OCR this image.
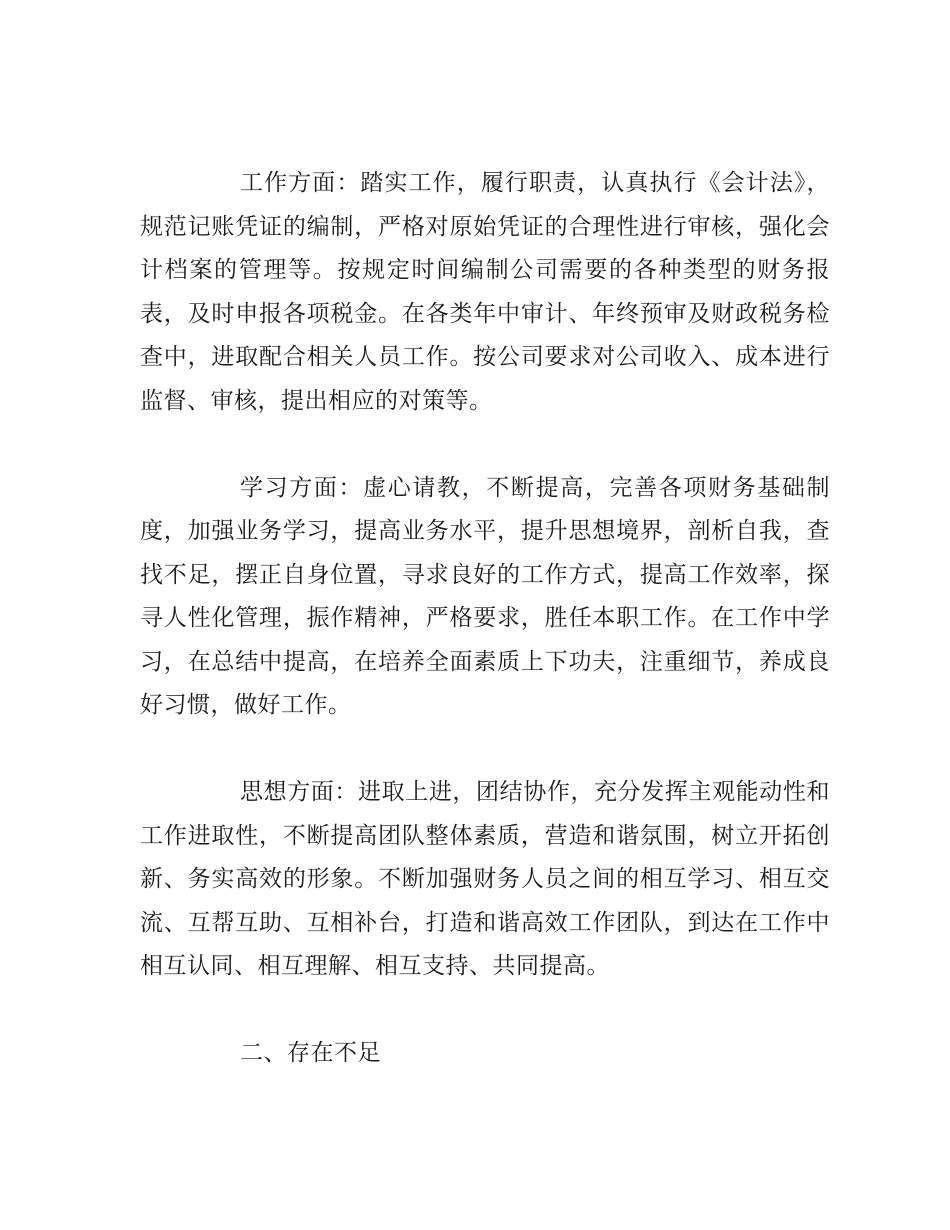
工作方面：踏实工作，履行职责，认真执行《会计法》，规范记账凭证的编制，严格对原始凭证的合理性进行审核，强化会计档案的管理等。按规定时间编制公司需要的各种类型的财务报表，及时申报各项税金。在各类年中审计、年终预审及财政税务检查中，进取配合相关人员工作。按公司要求对公司收入、成本进行监督、审核，提出相应的对策等。

学习方面：虚心请教，不断提高，完善各项财务基础制度，加强业务学习，提高业务水平，提升思想境界，剖析自我，查找不足，摆正自身位置，寻求良好的工作方式，提高工作效率，探寻人性化管理，振作精神，严格要求，胜任本职工作。在工作中学习，在总结中提高，在培养全面素质上下功夫，注重细节，养成良好习惯，做好工作。

思想方面：进取上进，团结协作，充分发挥主观能动性和工作进取性，不断提高团队整体素质，营造和谐氛围，树立开拓创新、务实高效的形象。不断加强财务人员之间的相互学习、相互交流、互帮互助、互相补台，打造和谐高效工作团队，到达在工作中相互认同、相互理解、相互支持、共同提高。

二、存在不足
